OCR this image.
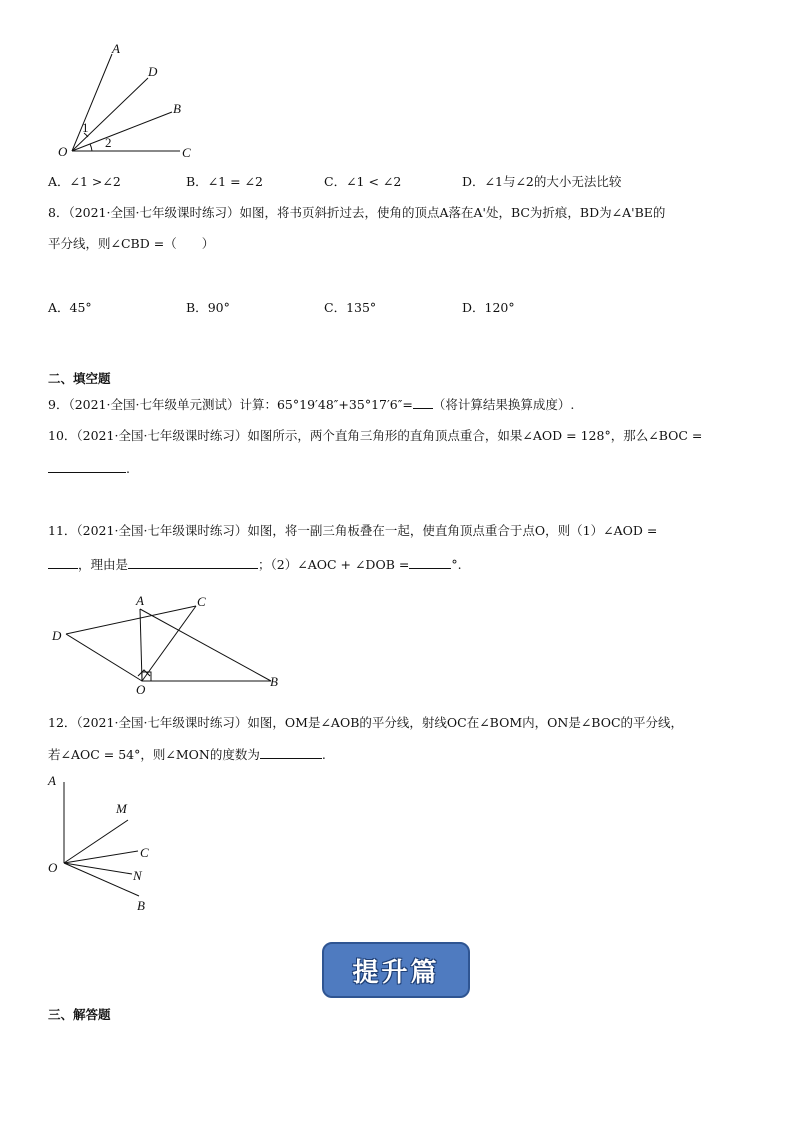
A
D
B
O	C
1
2
A．∠1 >∠2	B．∠1 = ∠2	C．∠1 < ∠2	D．∠1与∠2的大小无法比较
8．（2021·全国·七年级课时练习）如图，将书页斜折过去，使角的顶点A落在A'处，BC为折痕，BD为∠A'BE的
平分线，则∠CBD =（　　）
A．45°	B．90°	C．135°	D．120°
二、填空题
9．（2021·全国·七年级单元测试）计算：65°19′48″+35°17′6″= （将计算结果换算成度）.
10．（2021·全国·七年级课时练习）如图所示，两个直角三角形的直角顶点重合，如果∠AOD = 128°，那么∠BOC =
.
11．（2021·全国·七年级课时练习）如图，将一副三角板叠在一起，使直角顶点重合于点O，则（1）∠AOD =
，理由是	；（2）∠AOC + ∠DOB =	°.
A	C
D
O
B
12．（2021·全国·七年级课时练习）如图，OM是∠AOB的平分线，射线OC在∠BOM内，ON是∠BOC的平分线，
若∠AOC = 54°，则∠MON的度数为	.
A
M
C
O
N
B
提升篇
三、解答题
